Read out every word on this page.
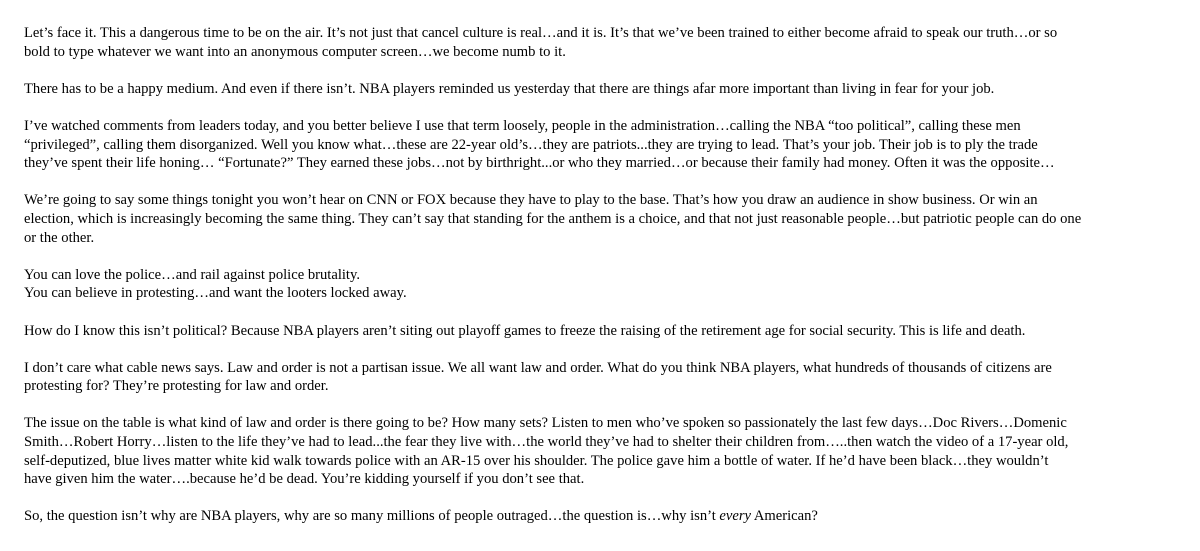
Let’s face it. This a dangerous time to be on the air. It’s not just that cancel culture is real…and it is. It’s that we’ve been trained to either become afraid to speak our truth…or so
bold to type whatever we want into an anonymous computer screen…we become numb to it.

There has to be a happy medium. And even if there isn’t. NBA players reminded us yesterday that there are things afar more important than living in fear for your job.

I’ve watched comments from leaders today, and you better believe I use that term loosely, people in the administration…calling the NBA “too political”, calling these men
“privileged”, calling them disorganized. Well you know what…these are 22-year old’s…they are patriots...they are trying to lead. That’s your job. Their job is to ply the trade
they’ve spent their life honing… “Fortunate?” They earned these jobs…not by birthright...or who they married…or because their family had money. Often it was the opposite…

We’re going to say some things tonight you won’t hear on CNN or FOX because they have to play to the base. That’s how you draw an audience in show business. Or win an
election, which is increasingly becoming the same thing. They can’t say that standing for the anthem is a choice, and that not just reasonable people…but patriotic people can do one
or the other.

You can love the police…and rail against police brutality.
You can believe in protesting…and want the looters locked away.

How do I know this isn’t political? Because NBA players aren’t siting out playoff games to freeze the raising of the retirement age for social security. This is life and death.

I don’t care what cable news says. Law and order is not a partisan issue. We all want law and order. What do you think NBA players, what hundreds of thousands of citizens are
protesting for? They’re protesting for law and order.

The issue on the table is what kind of law and order is there going to be? How many sets? Listen to men who’ve spoken so passionately the last few days…Doc Rivers…Domenic
Smith…Robert Horry…listen to the life they’ve had to lead...the fear they live with…the world they’ve had to shelter their children from…..then watch the video of a 17-year old,
self-deputized, blue lives matter white kid walk towards police with an AR-15 over his shoulder. The police gave him a bottle of water. If he’d have been black…they wouldn’t
have given him the water….because he’d be dead. You’re kidding yourself if you don’t see that.

So, the question isn’t why are NBA players, why are so many millions of people outraged…the question is…why isn’t every American?
